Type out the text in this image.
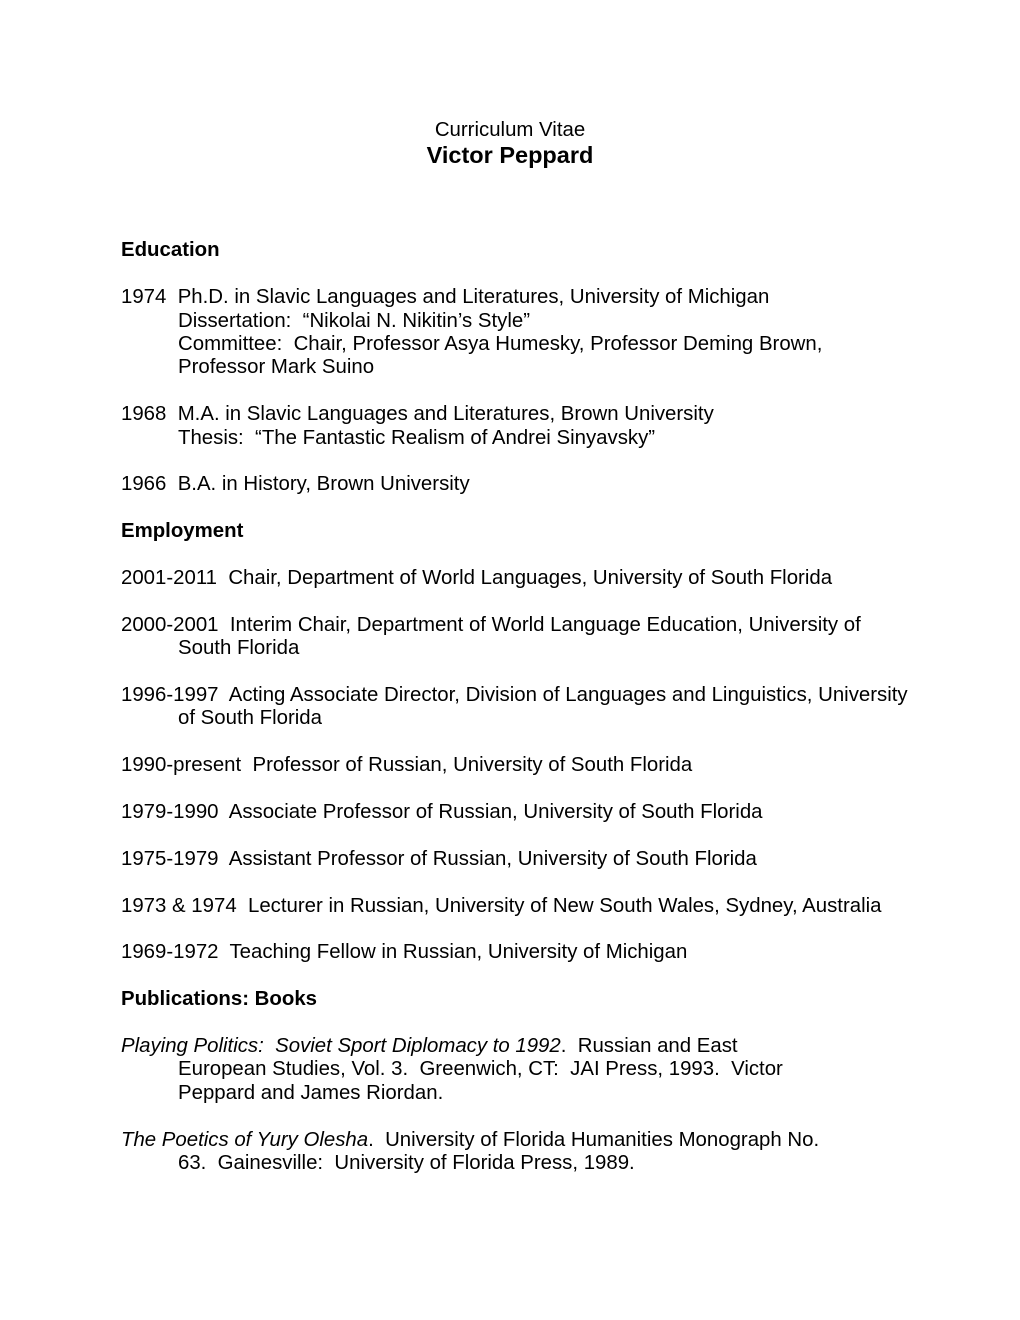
Curriculum Vitae
Victor Peppard
Education
1974  Ph.D. in Slavic Languages and Literatures, University of Michigan
Dissertation:  “Nikolai N. Nikitin’s Style”
Committee:  Chair, Professor Asya Humesky, Professor Deming Brown,
Professor Mark Suino
1968  M.A. in Slavic Languages and Literatures, Brown University
Thesis:  “The Fantastic Realism of Andrei Sinyavsky”
1966  B.A. in History, Brown University
Employment
2001-2011  Chair, Department of World Languages, University of South Florida
2000-2001  Interim Chair, Department of World Language Education, University of
South Florida
1996-1997  Acting Associate Director, Division of Languages and Linguistics, University
of South Florida
1990-present  Professor of Russian, University of South Florida
1979-1990  Associate Professor of Russian, University of South Florida
1975-1979  Assistant Professor of Russian, University of South Florida
1973 & 1974  Lecturer in Russian, University of New South Wales, Sydney, Australia
1969-1972  Teaching Fellow in Russian, University of Michigan
Publications: Books
Playing Politics:  Soviet Sport Diplomacy to 1992.  Russian and East
European Studies, Vol. 3.  Greenwich, CT:  JAI Press, 1993.  Victor
Peppard and James Riordan.
The Poetics of Yury Olesha.  University of Florida Humanities Monograph No.
63.  Gainesville:  University of Florida Press, 1989.
